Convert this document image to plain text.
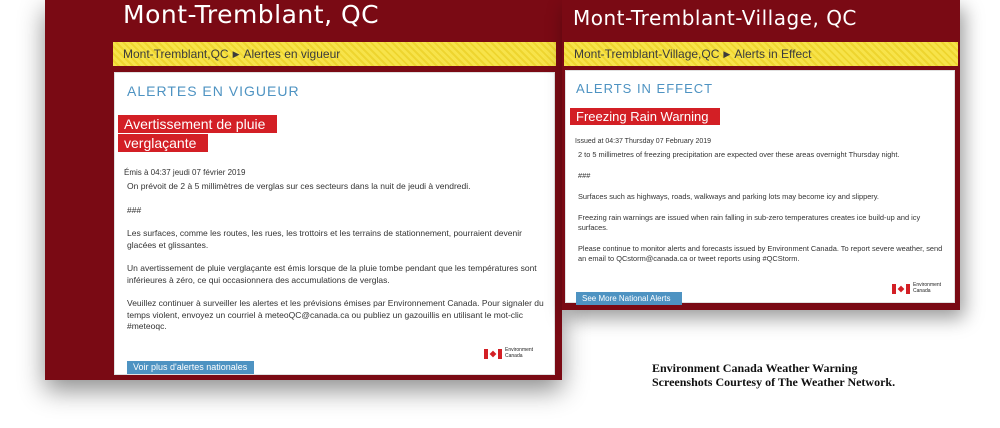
Mont-Tremblant, QC
Mont-Tremblant,QC ▶ Alertes en vigueur
ALERTES EN VIGUEUR
Avertissement de pluie verglaçante
Émis à 04:37 jeudi 07 février 2019

On prévoit de 2 à 5 millimètres de verglas sur ces secteurs dans la nuit de jeudi à vendredi.

###

Les surfaces, comme les routes, les rues, les trottoirs et les terrains de stationnement, pourraient devenir glacées et glissantes.

Un avertissement de pluie verglaçante est émis lorsque de la pluie tombe pendant que les températures sont inférieures à zéro, ce qui occasionnera des accumulations de verglas.

Veuillez continuer à surveiller les alertes et les prévisions émises par Environnement Canada. Pour signaler du temps violent, envoyez un courriel à meteoQC@canada.ca ou publiez un gazouillis en utilisant le mot-clic #meteoqc.

Environment
Canada
Voir plus d'alertes nationales
Mont-Tremblant-Village, QC
Mont-Tremblant-Village,QC ▶ Alerts in Effect
ALERTS IN EFFECT
Freezing Rain Warning
Issued at 04:37 Thursday 07 February 2019

2 to 5 millimetres of freezing precipitation are expected over these areas overnight Thursday night.

###

Surfaces such as highways, roads, walkways and parking lots may become icy and slippery.

Freezing rain warnings are issued when rain falling in sub-zero temperatures creates ice build-up and icy surfaces.

Please continue to monitor alerts and forecasts issued by Environment Canada. To report severe weather, send an email to QCstorm@canada.ca or tweet reports using #QCStorm.

Environment
Canada
See More National Alerts
Environment Canada Weather Warning
Screenshots Courtesy of The Weather Network.
